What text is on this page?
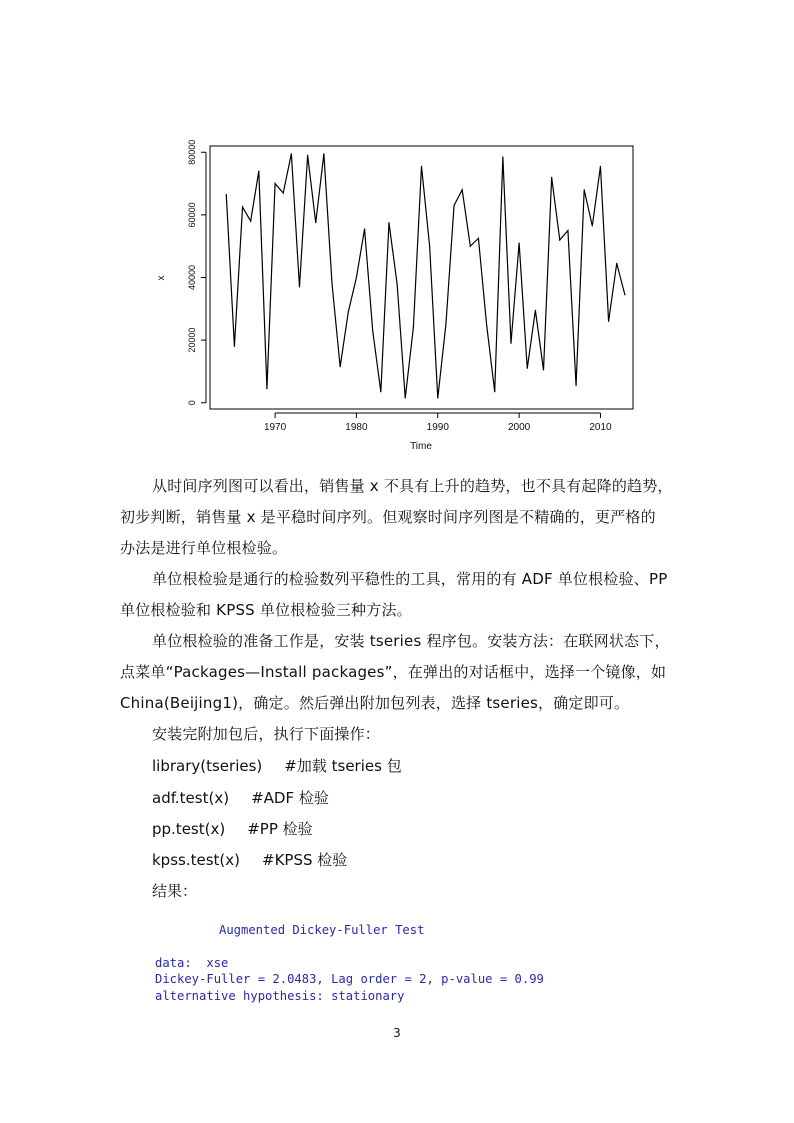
1970	1980	1990	2000	2010
0
20000
40000
60000
80000
Time
x

从时间序列图可以看出，销售量 x 不具有上升的趋势，也不具有起降的趋势，

初步判断，销售量 x 是平稳时间序列。但观察时间序列图是不精确的，更严格的

办法是进行单位根检验。

单位根检验是通行的检验数列平稳性的工具，常用的有 ADF 单位根检验、PP

单位根检验和 KPSS 单位根检验三种方法。

单位根检验的准备工作是，安装 tseries 程序包。安装方法：在联网状态下，

点菜单“Packages—Install packages”，在弹出的对话框中，选择一个镜像，如

China(Beijing1)，确定。然后弹出附加包列表，选择 tseries，确定即可。

安装完附加包后，执行下面操作：

library(tseries) #加载 tseries 包

adf.test(x) #ADF 检验

pp.test(x) #PP 检验

kpss.test(x) #KPSS 检验

结果：

Augmented Dickey-Fuller Test
data:  xse
Dickey-Fuller = 2.0483, Lag order = 2, p-value = 0.99
alternative hypothesis: stationary

3
